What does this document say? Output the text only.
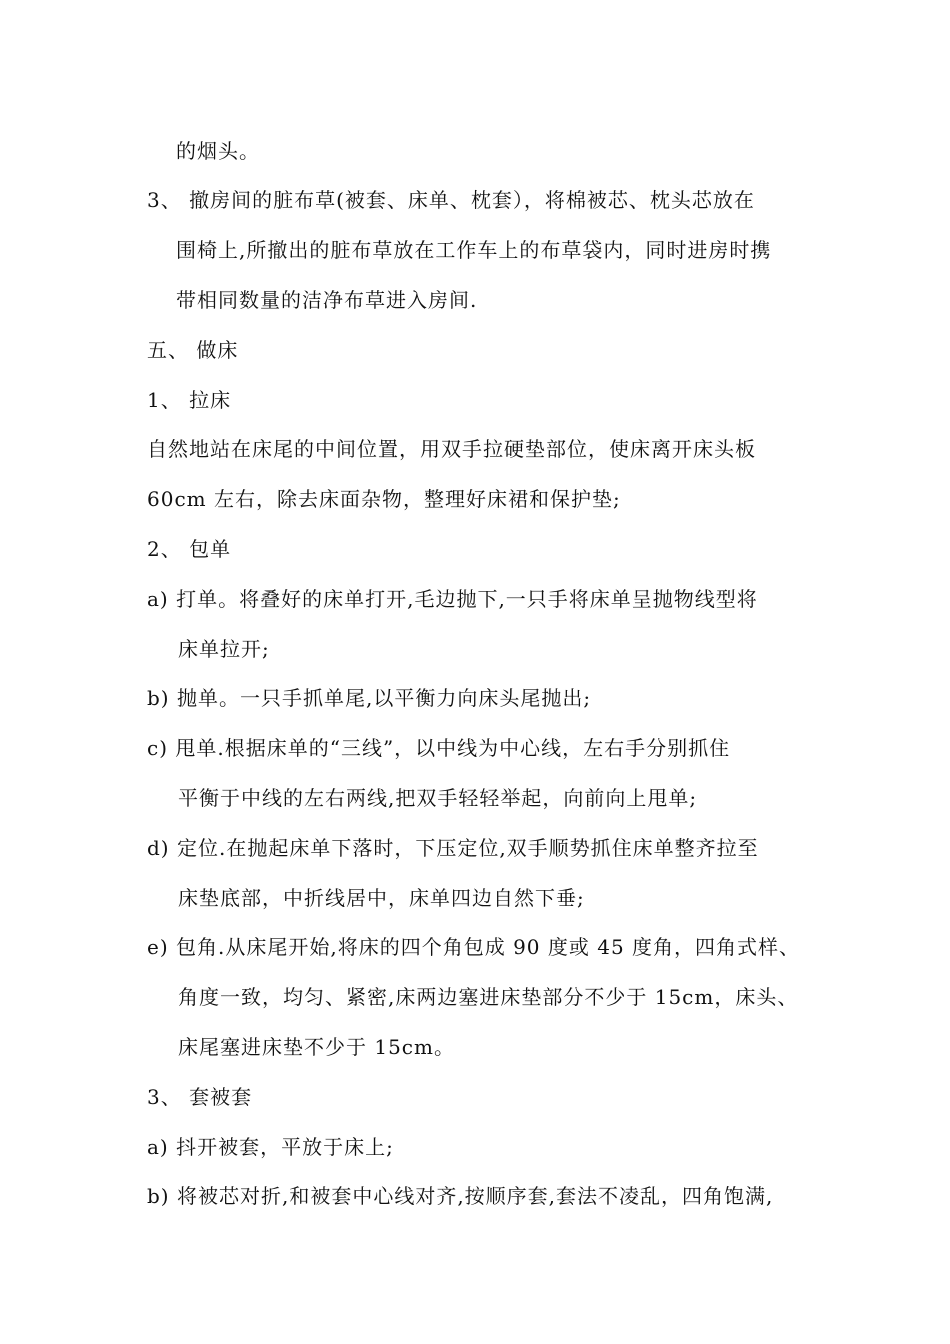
的烟头。
3、 撤房间的脏布草(被套、床单、枕套），将棉被芯、枕头芯放在
围椅上,所撤出的脏布草放在工作车上的布草袋内，同时进房时携
带相同数量的洁净布草进入房间.
五、 做床
1、 拉床
自然地站在床尾的中间位置，用双手拉硬垫部位，使床离开床头板
60cm 左右，除去床面杂物，整理好床裙和保护垫;
2、 包单
a) 打单。将叠好的床单打开,毛边抛下,一只手将床单呈抛物线型将
床单拉开;
b) 抛单。一只手抓单尾,以平衡力向床头尾抛出;
c) 甩单.根据床单的“三线”，以中线为中心线，左右手分别抓住
平衡于中线的左右两线,把双手轻轻举起，向前向上甩单;
d) 定位.在抛起床单下落时，下压定位,双手顺势抓住床单整齐拉至
床垫底部，中折线居中，床单四边自然下垂;
e) 包角.从床尾开始,将床的四个角包成 90 度或 45 度角，四角式样、
角度一致，均匀、紧密,床两边塞进床垫部分不少于 15cm，床头、
床尾塞进床垫不少于 15cm。
3、 套被套
a) 抖开被套，平放于床上;
b) 将被芯对折,和被套中心线对齐,按顺序套,套法不凌乱，四角饱满,
